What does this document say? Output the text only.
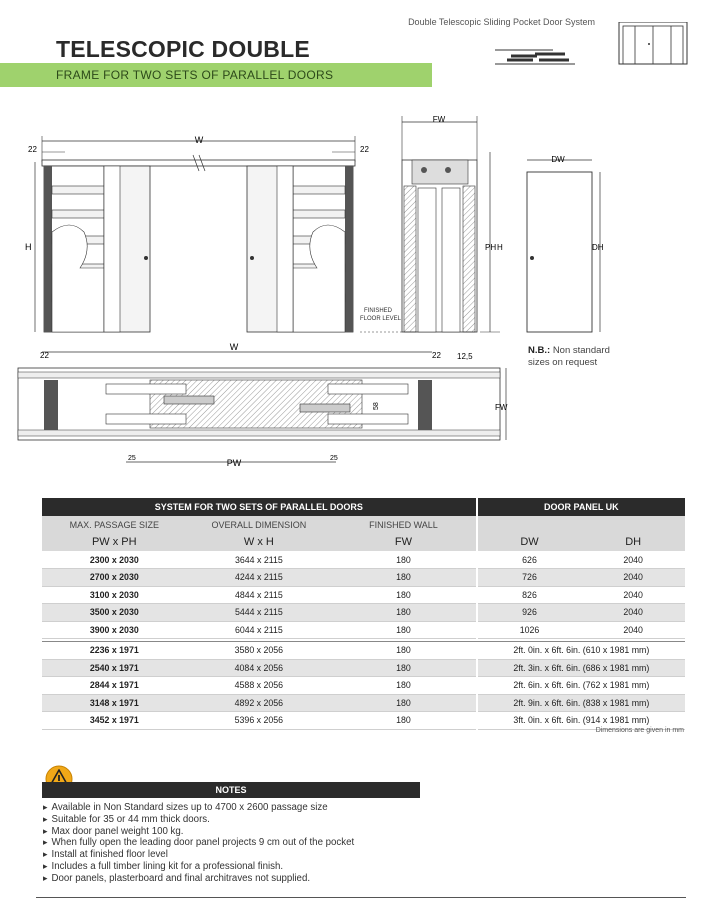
Double Telescopic Sliding Pocket Door System
TELESCOPIC DOUBLE
FRAME FOR TWO SETS OF PARALLEL DOORS
W
22	22
H
FW
PH H
FINISHED
FLOOR LEVEL
DW
DH
W
22	22 12,5
FW
58
PW
25	25
N.B.: Non standard
sizes on request
SYSTEM FOR TWO SETS OF PARALLEL DOORS				DOOR PANEL UK	
MAX. PASSAGE SIZE	OVERALL DIMENSION	FINISHED WALL			
PW x PH	W x H	FW		DW	DH
2300 x 2030	3644 x 2115	180		626	2040
2700 x 2030	4244 x 2115	180		726	2040
3100 x 2030	4844 x 2115	180		826	2040
3500 x 2030	5444 x 2115	180		926	2040
3900 x 2030	6044 x 2115	180		1026	2040

2236 x 1971	3580 x 2056	180		2ft. 0in. x 6ft. 6in. (610 x 1981 mm)	
2540 x 1971	4084 x 2056	180		2ft. 3in. x 6ft. 6in. (686 x 1981 mm)	
2844 x 1971	4588 x 2056	180		2ft. 6in. x 6ft. 6in. (762 x 1981 mm)	
3148 x 1971	4892 x 2056	180		2ft. 9in. x 6ft. 6in. (838 x 1981 mm)	
3452 x 1971	5396 x 2056	180		3ft. 0in. x 6ft. 6in. (914 x 1981 mm)	
Dimensions are given in mm
NOTES
▸ Available in Non Standard sizes up to 4700 x 2600 passage size
▸ Suitable for 35 or 44 mm thick doors.
▸ Max door panel weight 100 kg.
▸ When fully open the leading door panel projects 9 cm out of the pocket
▸ Install at finished floor level
▸ Includes a full timber lining kit for a professional finish.
▸ Door panels, plasterboard and final architraves not supplied.
